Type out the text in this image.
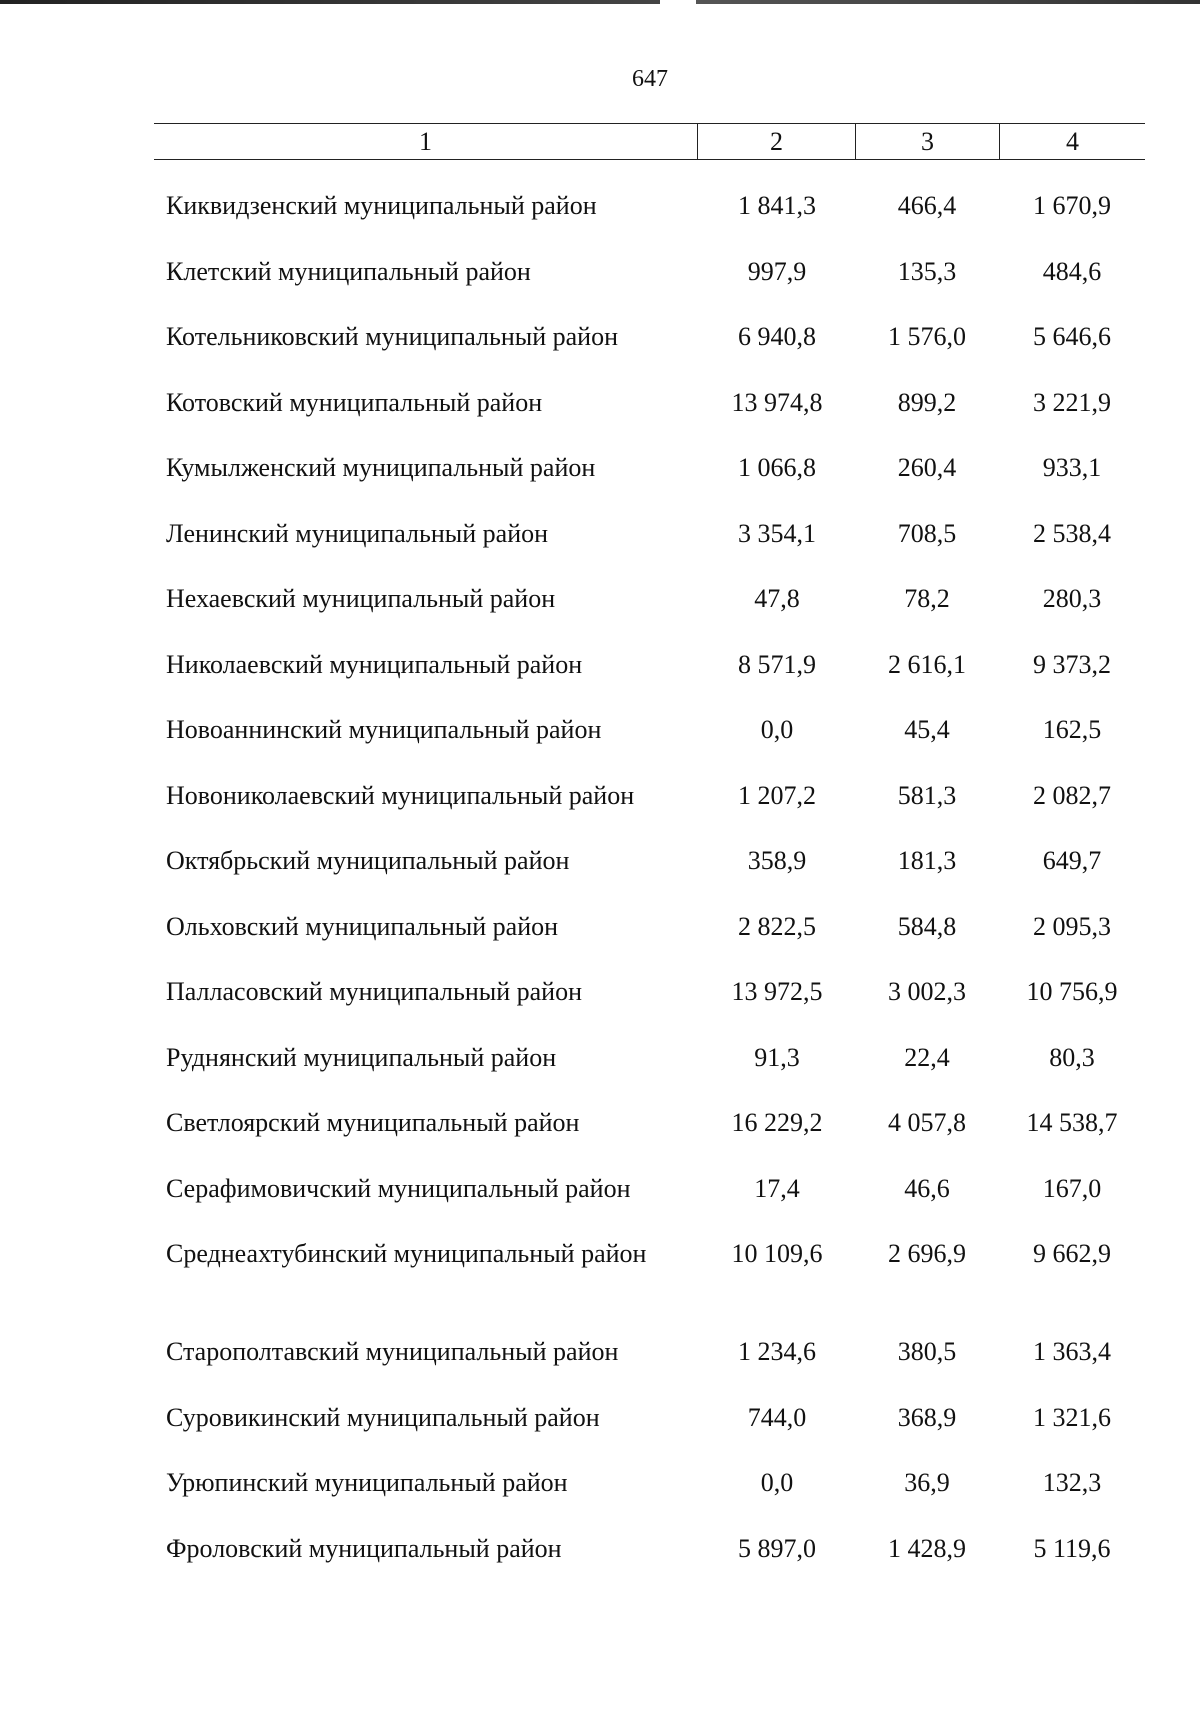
647
1	2	3	4
Киквидзенский муниципальный район	1 841,3	466,4	1 670,9
Клетский муниципальный район	997,9	135,3	484,6
Котельниковский муниципальный район	6 940,8	1 576,0	5 646,6
Котовский муниципальный район	13 974,8	899,2	3 221,9
Кумылженский муниципальный район	1 066,8	260,4	933,1
Ленинский муниципальный район	3 354,1	708,5	2 538,4
Нехаевский муниципальный район	47,8	78,2	280,3
Николаевский муниципальный район	8 571,9	2 616,1	9 373,2
Новоаннинский муниципальный район	0,0	45,4	162,5
Новониколаевский муниципальный район	1 207,2	581,3	2 082,7
Октябрьский муниципальный район	358,9	181,3	649,7
Ольховский муниципальный район	2 822,5	584,8	2 095,3
Палласовский муниципальный район	13 972,5	3 002,3	10 756,9
Руднянский муниципальный район	91,3	22,4	80,3
Светлоярский муниципальный район	16 229,2	4 057,8	14 538,7
Серафимовичский муниципальный район	17,4	46,6	167,0
Среднеахтубинский муниципальный район	10 109,6	2 696,9	9 662,9
Старополтавский муниципальный район	1 234,6	380,5	1 363,4
Суровикинский муниципальный район	744,0	368,9	1 321,6
Урюпинский муниципальный район	0,0	36,9	132,3
Фроловский муниципальный район	5 897,0	1 428,9	5 119,6
